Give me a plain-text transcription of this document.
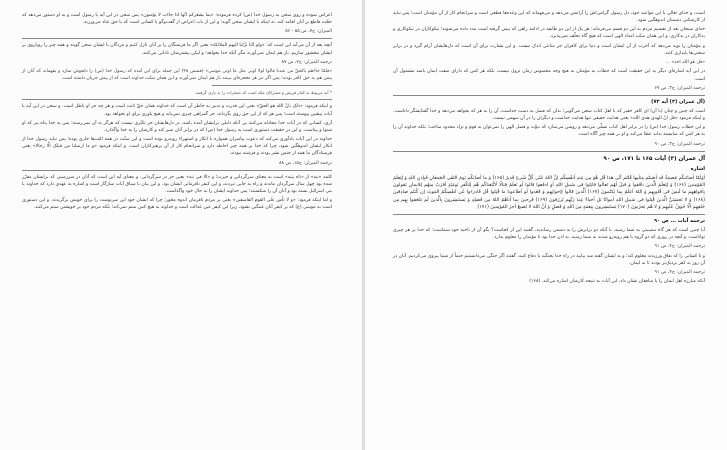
اعراض نموده و روی سخن به رسول خدا (ص) کرده فرموده: «بما یشعرکم انّها اذا جاءت لا یؤمنون» پس سخن در این آیه با رسول است و به او دستور می‌دهد که حجّت قاطع بر آنان اقامه کند، نه اینکه با ایشان سخن گوید؛ و این از باب اعراض از گفت‌وگو با کسانی است که با حق عناد می‌ورزند.

المیزان: ج۷، ص ۵۵ - ۵۶

آنچه بعد از آن می‌آید این است که: «ولو انّنا نزّلنا الیهم الملائکة» یعنی اگر ما فرشتگان را بر آنان نازل کنیم و مردگان با ایشان سخن گویند و همه چیز را رویاروی بر ایشان محشور سازیم، باز هم ایمان نمی‌آورند مگر آنکه خدا بخواهد؛ و لیکن بیشترشان نادانی می‌کنند.

ترجمه المیزان: ج۷، ص ۸۷

«فلمّا جاءهم بالحقّ من عندنا قالوا لولا اوتی مثل ما اوتی موسی» (قصص ۴۸) این جمله برای این آمده که رسول خدا (ص) را دلخوش سازد و بفهماند که آنان از پیش هم به حق کافر بودند؛ پس اگر نیز هر معجزه‌ای ببینند باز هم ایمان نمی‌آورند و این همان سنّت خداوند است که از پیش جریان داشته است.

* آیه مربوط به کفار قریش و مشرکان مکه است که معجزات را به بازی گرفتند.

و اینکه فرمود: «ذلک بانّ الله هو الحقّ» یعنی این قدرت و تدبیر به خاطر آن است که خداوند همان حقّ ثابت است و هر چه جز او باطل است. و سخن در این آیه با آیات پیشین پیوسته است؛ پس هر که از این حق روی بگرداند، جز گمراهی چیزی نمی‌یابد و هیچ یاوری برای او نخواهد بود.

آری، کسانی که در آیات خدا مجادله می‌کنند بی آنکه دلیلی برایشان آمده باشد، در دل‌هایشان جز تکبّری نیست که هرگز به آن نمی‌رسند؛ پس به خدا پناه ببر که او شنوا و بیناست. و این در حقیقت دستوری است به رسول خدا (ص) که در برابر آنان صبر کند و کارشان را به خدا واگذارد.

خداوند در این آیات یادآوری می‌کند که دعوت پیامبران همواره با انکار و استهزاء روبه‌رو بوده است و این سنّت در همه امّت‌ها جاری بوده؛ پس نباید رسول خدا از انکار ایشان اندوهگین شود، چرا که خدا بر همه چیز احاطه دارد و سرانجام کار از آن پرهیزکاران است. و اینکه فرمود «و ما ارسلنا من قبلک الّا رجالا» یعنی فرستادگان ما همه از جنس بشر بودند و فرشته نبودند.

ترجمه المیزان: ج۱۵، ص ۸۸

کلمه «تیه» از «تاه یتیه» است به معنای سرگردانی و حیرت؛ و «الا فی تیه» یعنی جز در سرگردانی. و معنای آیه این است که آنان در سرزمینی که برایشان مقرّر شده بود چهل سال سرگردان ماندند و راه به جایی نبردند، و این کیفر نافرمانی ایشان بود. و این بیان با سیاق آیات سازگار است و اشاره به عهدی دارد که خداوند با بنی اسرائیل بسته بود و آنان آن را شکستند؛ پس خداوند ایشان را به حال خود واگذاشت.

و اما اینکه فرمود: «و لا تأس علی القوم الفاسقین» یعنی بر مردم نافرمان اندوه مخور؛ چرا که ایشان خود این سرنوشت را برای خویش برگزیدند. و این دستوری است به موسی (ع) که بر کیفر آنان غمگین نشود، زیرا این کیفر عین عدالت است و خداوند به هیچ کس ستم نمی‌کند؛ بلکه مردم خود بر خویشتن ستم می‌کنند.

است، و خدای تعالی با این مواعید خود، دل رسول گرامی‌اش را آرامش می‌دهد و می‌فهماند که این وعده‌ها قطعی است و سرانجام کار از آن مؤمنان است؛ پس نباید از کارشکنی دشمنان اندوهگین شود.

خدای سبحان بعد از تقسیم مردم به این دو قسم می‌فرماید: هر یک از این دو طایفه در ادامه راهی که پیش گرفته است مدد داده می‌شوند؛ نیکوکاران در نیکوکاری و بدکاران در بدکاری، و این همان سنّت امداد الهی است که هیچ گاه تخلّف نمی‌پذیرد.

و مؤمنان را نوید می‌دهد که آخرت از آن ایشان است و دنیا برای کافران جز متاعی اندک نیست. و این بشارت برای آن است که دل‌هایشان آرام گیرد و در برابر سختی‌ها پایداری کنند.

«قل هو الله احد» ...

در این آیه اشاره‌ای دیگر به این حقیقت است که خطاب به مؤمنان به هیچ وجه مخصوص زمان نزول نیست، بلکه هر کس که دارای صفت ایمان باشد مشمول آن است.

ترجمه المیزان: ج۳، ص ۶۷

(آل عمران (۳) آیه ۷۳)

است که چنین و چنان (با آن) ای کافر حقیر که با اهل کتاب سخن می‌گویی؛ بدان که فضل به دست خداست، آن را به هر که بخواهد می‌دهد و خدا گشایشگر داناست. و اینکه فرمود «قل انّ الهدی هدی الله» یعنی هدایت حقیقی تنها هدایت خداست و دیگران را در آن سهمی نیست.

و این خطاب رسول خدا (ص) را در برابر اهل کتاب تسلّی می‌دهد و روشن می‌سازد که نبوّت و فضل الهی را نمی‌توان به قوم و نژاد محدود ساخت؛ بلکه خداوند آن را به هر کس که شایسته بداند عطا می‌کند و او بر همه چیز آگاه است.

ترجمه المیزان: ج۳، ص ۹۰

آل عمران (۳) آیات ۱۶۵ تا ۱۷۱، ص ۹۰

اشاره

اَوَلَمّا اَصابَتکُم مُصیبَةٌ قَد اَصَبتُم مِثلَیها قُلتُم اَنّی هذا قُل هُوَ مِن عِندِ اَنفُسِکُم اِنَّ اللهَ عَلی کُلِّ شَیءٍ قَدیرٌ (۱۶۵) وَ ما اَصابَکُم یَومَ التَقَی الجَمعانِ فَبِاِذنِ اللهِ وَ لِیَعلَمَ المُؤمِنینَ (۱۶۶) وَ لِیَعلَمَ الَّذینَ نافَقوا وَ قیلَ لَهُم تَعالَوا قاتِلوا فی سَبیلِ اللهِ اَوِ ادفَعوا قالوا لَو نَعلَمُ قِتالًا لَاتَّبَعناکُم هُم لِلکُفرِ یَومَئِذٍ اَقرَبُ مِنهُم لِلایمانِ یَقولونَ بِاَفواهِهِم ما لَیسَ فی قُلوبِهِم وَ اللهُ اَعلَمُ بِما یَکتُمونَ (۱۶۷) اَلَّذینَ قالوا لِاِخوانِهِم وَ قَعَدوا لَو اَطاعونا ما قُتِلوا قُل فَادرَءوا عَن اَنفُسِکُمُ المَوتَ اِن کُنتُم صادِقینَ (۱۶۸) وَ لا تَحسَبَنَّ الَّذینَ قُتِلوا فی سَبیلِ اللهِ اَمواتًا بَل اَحیاءٌ عِندَ رَبِّهِم یُرزَقونَ (۱۶۹) فَرِحینَ بِما آتاهُمُ اللهُ مِن فَضلِهِ وَ یَستَبشِرونَ بِالَّذینَ لَم یَلحَقوا بِهِم مِن خَلفِهِم اَلّا خَوفٌ عَلَیهِم وَ لا هُم یَحزَنونَ (۱۷۰) یَستَبشِرونَ بِنِعمَةٍ مِنَ اللهِ وَ فَضلٍ وَ اَنَّ اللهَ لا یُضیعُ اَجرَ المُؤمِنینَ (۱۷۱)

ترجمه آیات ... ص ۹۰

آیا چنین است که هر گاه مصیبتی به شما رسید، با آنکه دو برابرش را به دشمن رساندید، گفتید این از کجاست؟ بگو آن از ناحیه خود شماست؛ که خدا بر هر چیزی تواناست. و آنچه در روزی که دو گروه با هم روبه‌رو شدند به شما رسید، به اذن خدا بود تا مؤمنان را معلوم بدارد.

ترجمه المیزان: ج۴، ص ۹۱

و تا کسانی را که نفاق ورزیدند معلوم کند؛ و به ایشان گفته شد بیایید در راه خدا بجنگید یا دفاع کنید، گفتند اگر جنگی می‌دانستیم حتماً از شما پیروی می‌کردیم. آنان در آن روز به کفر نزدیک‌تر بودند تا به ایمان.

ترجمه المیزان: ج۴، ص ۹۱

آنکه مبارزه اهل ایمان را با منافقان نشان داد، این آیات به نتیجه کارشان اشاره می‌کند. (۱۶۸)
